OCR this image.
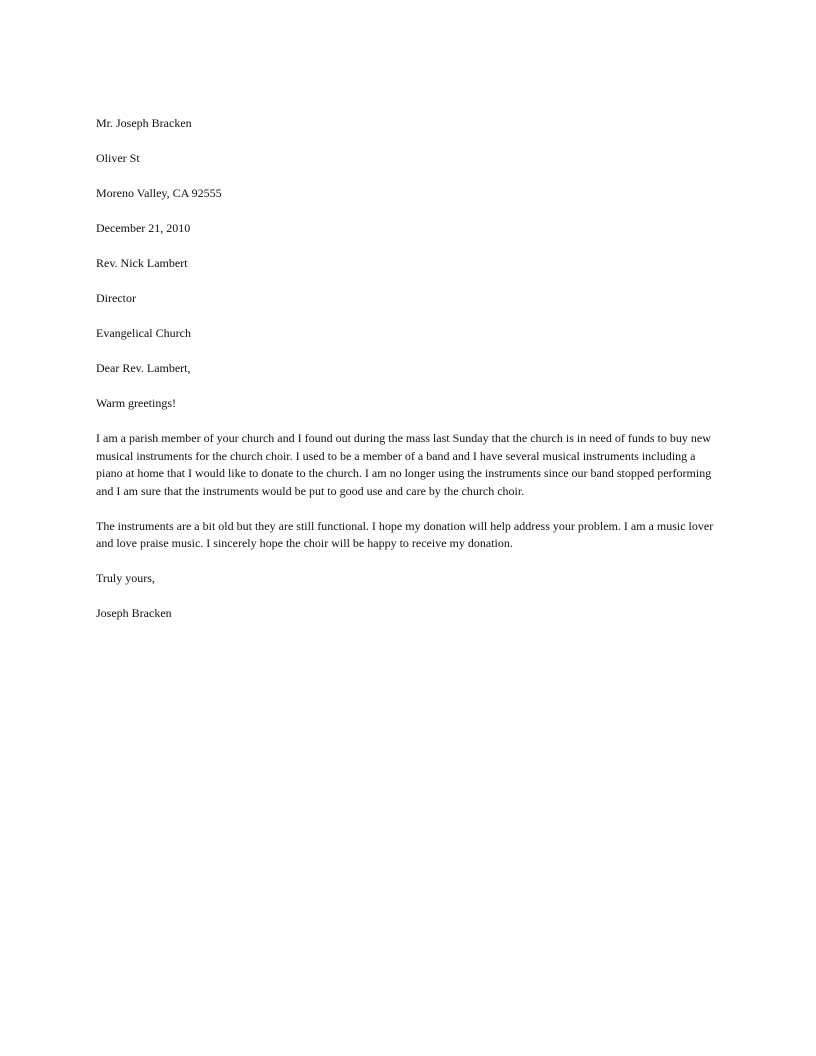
Mr. Joseph Bracken

Oliver St

Moreno Valley, CA 92555

December 21, 2010

Rev. Nick Lambert

Director

Evangelical Church

Dear Rev. Lambert,

Warm greetings!

I am a parish member of your church and I found out during the mass last Sunday that the church is in need of funds to buy new musical instruments for the church choir. I used to be a member of a band and I have several musical instruments including a piano at home that I would like to donate to the church. I am no longer using the instruments since our band stopped performing and I am sure that the instruments would be put to good use and care by the church choir.

The instruments are a bit old but they are still functional. I hope my donation will help address your problem. I am a music lover and love praise music. I sincerely hope the choir will be happy to receive my donation.

Truly yours,

Joseph Bracken
